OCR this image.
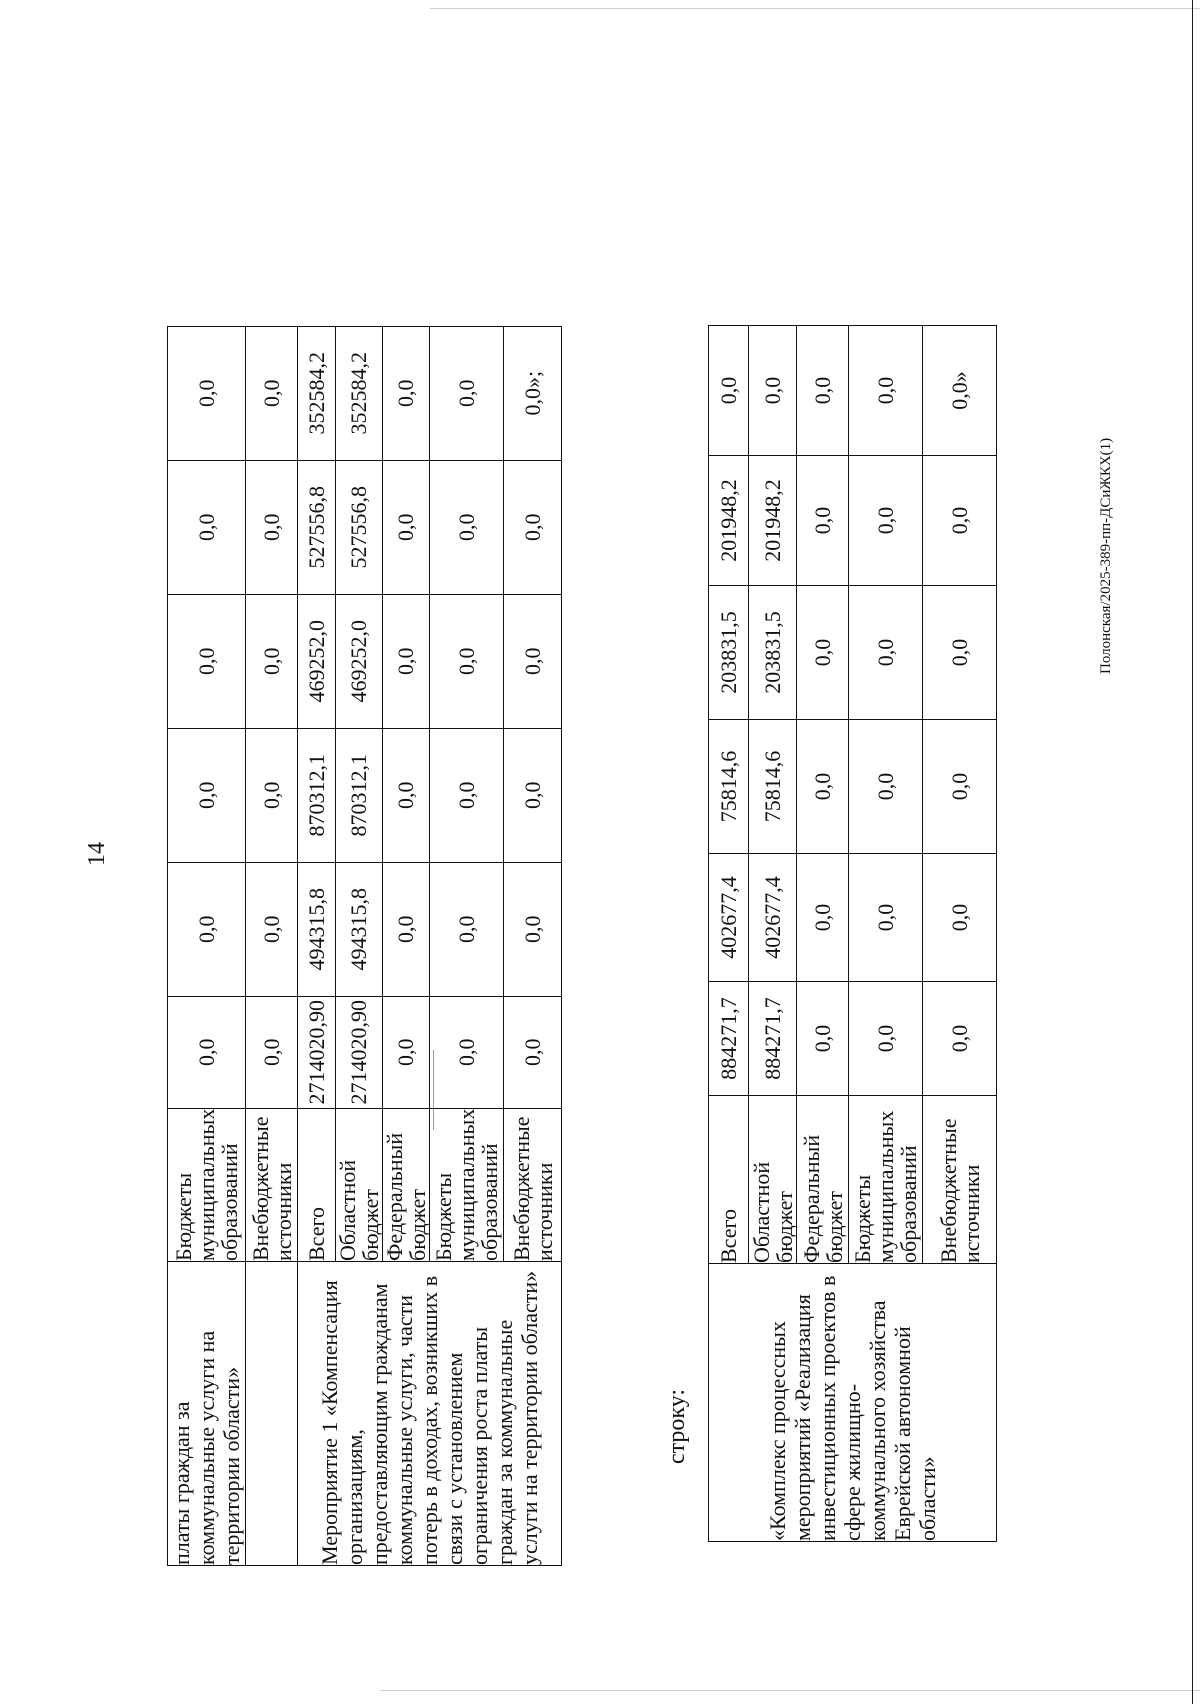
14
платы граждан за коммунальные услуги на территории области»	Бюджеты муниципальных образований	0,0	0,0	0,0	0,0	0,0	0,0
	Внебюджетные источники	0,0	0,0	0,0	0,0	0,0	0,0
Мероприятие 1 «Компенсация организациям, предоставляющим гражданам коммунальные услуги, части потерь в доходах, возникших в связи с установлением ограничения роста платы граждан за коммунальные услуги на территории области»	Всего	2714020,90	494315,8	870312,1	469252,0	527556,8	352584,2
	Областной бюджет	2714020,90	494315,8	870312,1	469252,0	527556,8	352584,2
	Федеральный бюджет	0,0	0,0	0,0	0,0	0,0	0,0
	Бюджеты муниципальных образований	0,0	0,0	0,0	0,0	0,0	0,0
	Внебюджетные источники	0,0	0,0	0,0	0,0	0,0	0,0»;
строку:	«Комплекс процессных мероприятий «Реализация инвестиционных проектов в сфере жилищно-коммунального хозяйства Еврейской автономной области»	Всего	884271,7	402677,4	75814,6	203831,5	201948,2	0,0
	Областной бюджет	884271,7	402677,4	75814,6	203831,5	201948,2	0,0
	Федеральный бюджет	0,0	0,0	0,0	0,0	0,0	0,0
	Бюджеты муниципальных образований	0,0	0,0	0,0	0,0	0,0	0,0
	Внебюджетные источники	0,0	0,0	0,0	0,0	0,0	0,0»
Полонская/2025-389-пп-ДСиЖКХ(1)
